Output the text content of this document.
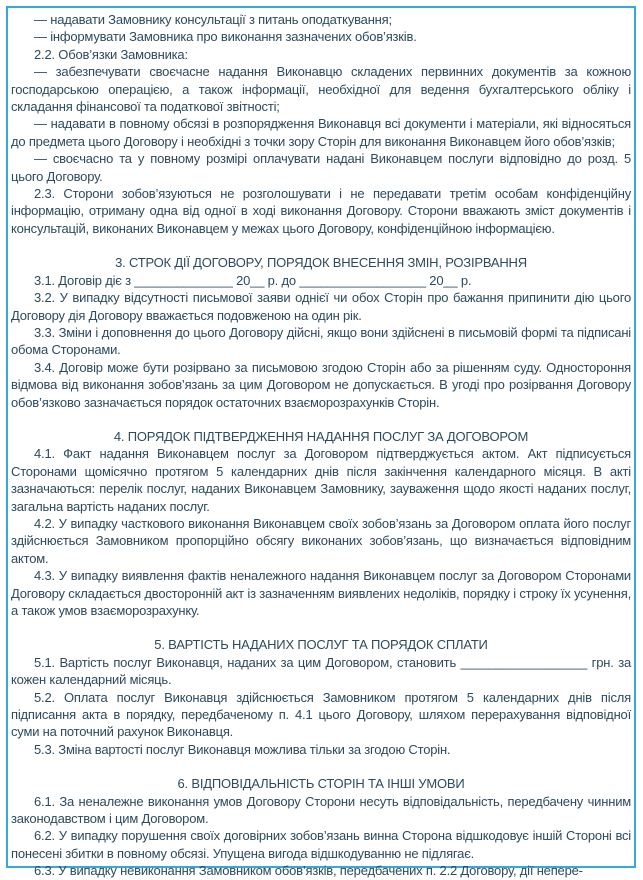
— надавати Замовнику консультації з питань оподаткування;

— інформувати Замовника про виконання зазначених обов’язків.

2.2. Обов’язки Замовника:

— забезпечувати своєчасне надання Виконавцю складених первинних документів за кожною господарською операцією, а також інформації, необхідної для ведення бухгалтерського обліку і складання фінансової та податкової звітності;

— надавати в повному обсязі в розпорядження Виконавця всі документи і матеріали, які відносяться до предмета цього Договору і необхідні з точки зору Сторін для виконання Виконавцем його обов’язків;

— своєчасно та у повному розмірі оплачувати надані Виконавцем послуги відповідно до розд. 5 цього Договору.

2.3. Сторони зобов’язуються не розголошувати і не передавати третім особам конфіденційну інформацію, отриману одна від одної в ході виконання Договору. Сторони вважають зміст документів і консультацій, виконаних Виконавцем у межах цього Договору, конфіденційною інформацією.

3. СТРОК ДІЇ ДОГОВОРУ, ПОРЯДОК ВНЕСЕННЯ ЗМІН, РОЗІРВАННЯ

3.1. Договір діє з ______________ 20__ р. до __________________ 20__ р.

3.2. У випадку відсутності письмової заяви однієї чи обох Сторін про бажання припинити дію цього Договору дія Договору вважається подовженою на один рік.

3.3. Зміни і доповнення до цього Договору дійсні, якщо вони здійснені в письмовій формі та підписані обома Сторонами.

3.4. Договір може бути розірвано за письмовою згодою Сторін або за рішенням суду. Одностороння відмова від виконання зобов’язань за цим Договором не допускається. В угоді про розірвання Договору обов’язково зазначається порядок остаточних взаєморозрахунків Сторін.

4. ПОРЯДОК ПІДТВЕРДЖЕННЯ НАДАННЯ ПОСЛУГ ЗА ДОГОВОРОМ

4.1. Факт надання Виконавцем послуг за Договором підтверджується актом. Акт підписується Сторонами щомісячно протягом 5 календарних днів після закінчення календарного місяця. В акті зазначаються: перелік послуг, наданих Виконавцем Замовнику, зауваження щодо якості наданих послуг, загальна вартість наданих послуг.

4.2. У випадку часткового виконання Виконавцем своїх зобов’язань за Договором оплата його послуг здійснюється Замовником пропорційно обсягу виконаних зобов’язань, що визначається відповідним актом.

4.3. У випадку виявлення фактів неналежного надання Виконавцем послуг за Договором Сторонами Договору складається двосторонній акт із зазначенням виявлених недоліків, порядку і строку їх усунення, а також умов взаєморозрахунку.

5. ВАРТІСТЬ НАДАНИХ ПОСЛУГ ТА ПОРЯДОК СПЛАТИ

5.1. Вартість послуг Виконавця, наданих за цим Договором, становить __________________ грн. за кожен календарний місяць.

5.2. Оплата послуг Виконавця здійснюється Замовником протягом 5 календарних днів після підписання акта в порядку, передбаченому п. 4.1 цього Договору, шляхом перерахування відповідної суми на поточний рахунок Виконавця.

5.3. Зміна вартості послуг Виконавця можлива тільки за згодою Сторін.

6. ВІДПОВІДАЛЬНІСТЬ СТОРІН ТА ІНШІ УМОВИ

6.1. За неналежне виконання умов Договору Сторони несуть відповідальність, передбачену чинним законодавством і цим Договором.

6.2. У випадку порушення своїх договірних зобов’язань винна Сторона відшкодовує іншій Стороні всі понесені збитки в повному обсязі. Упущена вигода відшкодуванню не підлягає.

6.3. У випадку невиконання Замовником обов’язків, передбачених п. 2.2 Договору, дії непере-
